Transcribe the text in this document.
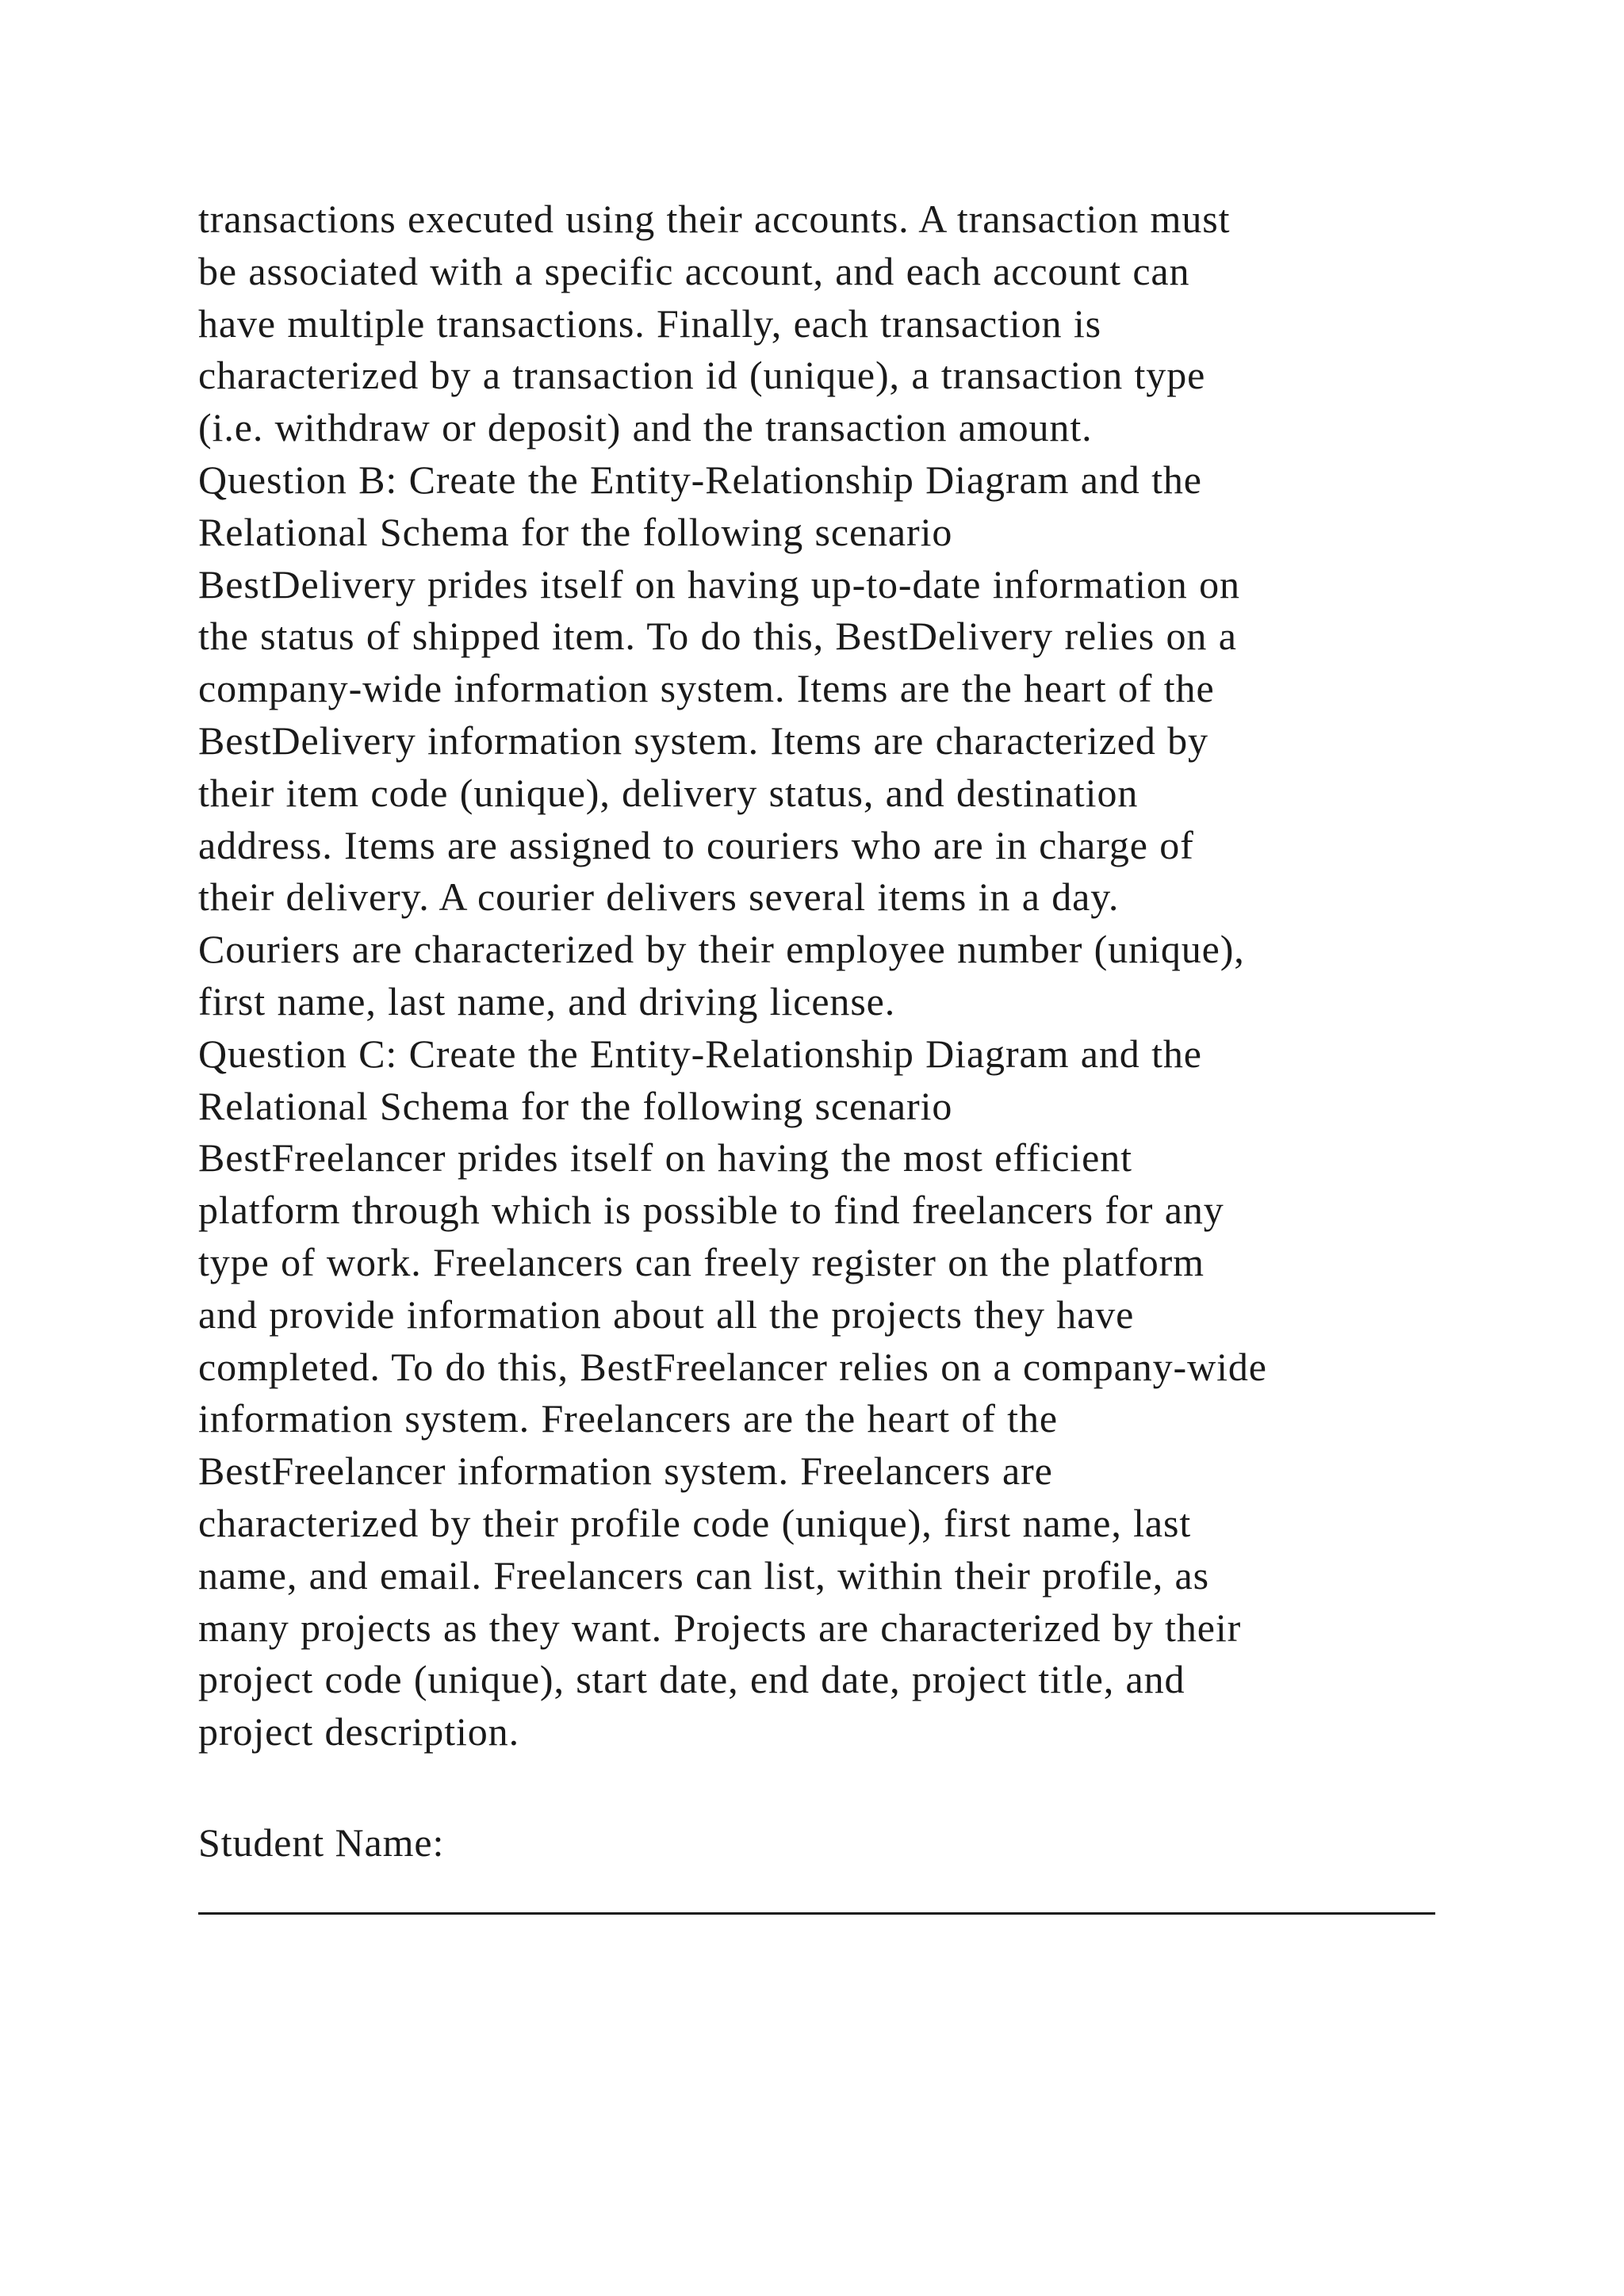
transactions executed using their accounts. A transaction must
be associated with a specific account, and each account can
have multiple transactions. Finally, each transaction is
characterized by a transaction id (unique), a transaction type
(i.e. withdraw or deposit) and the transaction amount.
Question B: Create the Entity-Relationship Diagram and the
Relational Schema for the following scenario
BestDelivery prides itself on having up-to-date information on
the status of shipped item. To do this, BestDelivery relies on a
company-wide information system. Items are the heart of the
BestDelivery information system. Items are characterized by
their item code (unique), delivery status, and destination
address. Items are assigned to couriers who are in charge of
their delivery. A courier delivers several items in a day.
Couriers are characterized by their employee number (unique),
first name, last name, and driving license.
Question C: Create the Entity-Relationship Diagram and the
Relational Schema for the following scenario
BestFreelancer prides itself on having the most efficient
platform through which is possible to find freelancers for any
type of work. Freelancers can freely register on the platform
and provide information about all the projects they have
completed. To do this, BestFreelancer relies on a company-wide
information system. Freelancers are the heart of the
BestFreelancer information system. Freelancers are
characterized by their profile code (unique), first name, last
name, and email. Freelancers can list, within their profile, as
many projects as they want. Projects are characterized by their
project code (unique), start date, end date, project title, and
project description.
Student Name:
